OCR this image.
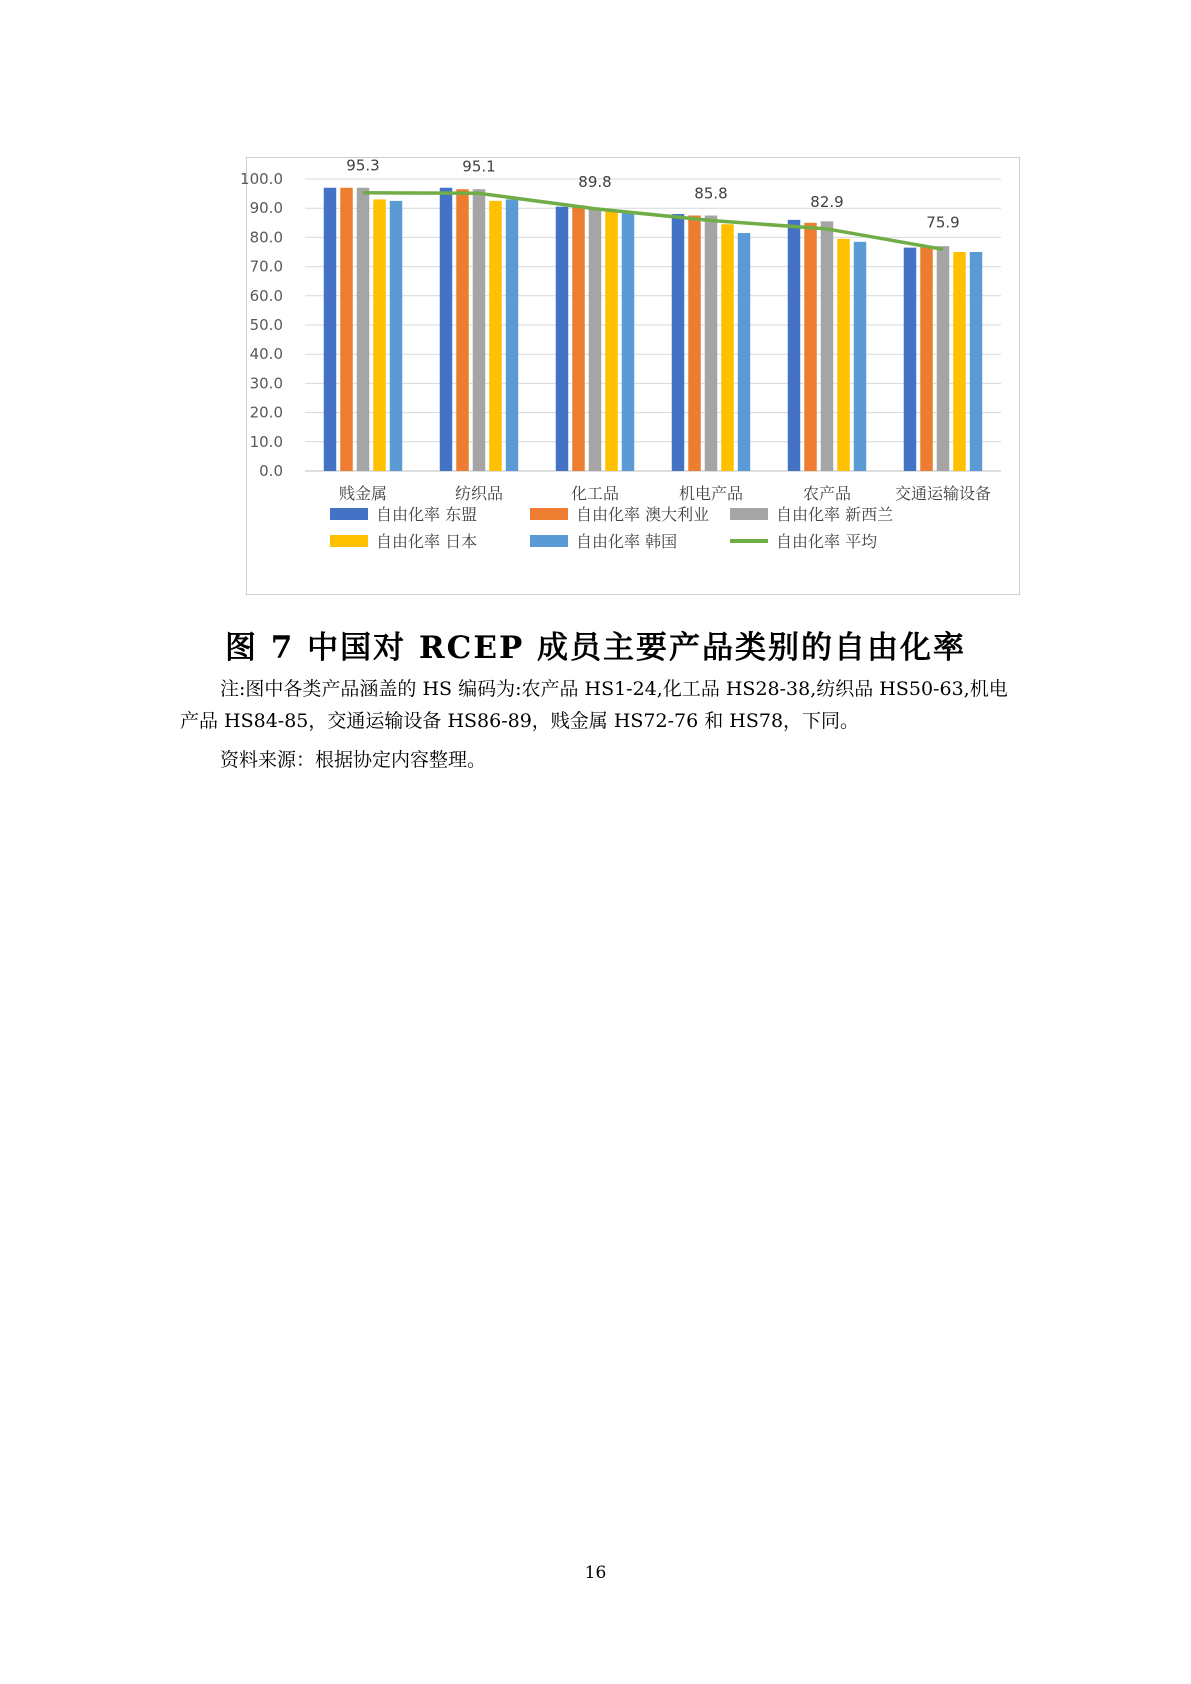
0.0
10.0
20.0
30.0
40.0
50.0
60.0
70.0
80.0
90.0
100.0
贱金属	纺织品	化工品	机电产品	农产品	交通运输设备
95.3	95.1
89.8
85.8	82.9
75.9
自由化率 东盟	自由化率 澳大利业	自由化率 新西兰
自由化率 日本	自由化率 韩国	自由化率 平均
图 7 中国对 RCEP 成员主要产品类别的自由化率
注:图中各类产品涵盖的 HS 编码为:农产品 HS1-24,化工品 HS28-38,纺织品 HS50-63,机电产品 HS84-85，交通运输设备 HS86-89，贱金属 HS72-76 和 HS78，下同。
资料来源：根据协定内容整理。
16
